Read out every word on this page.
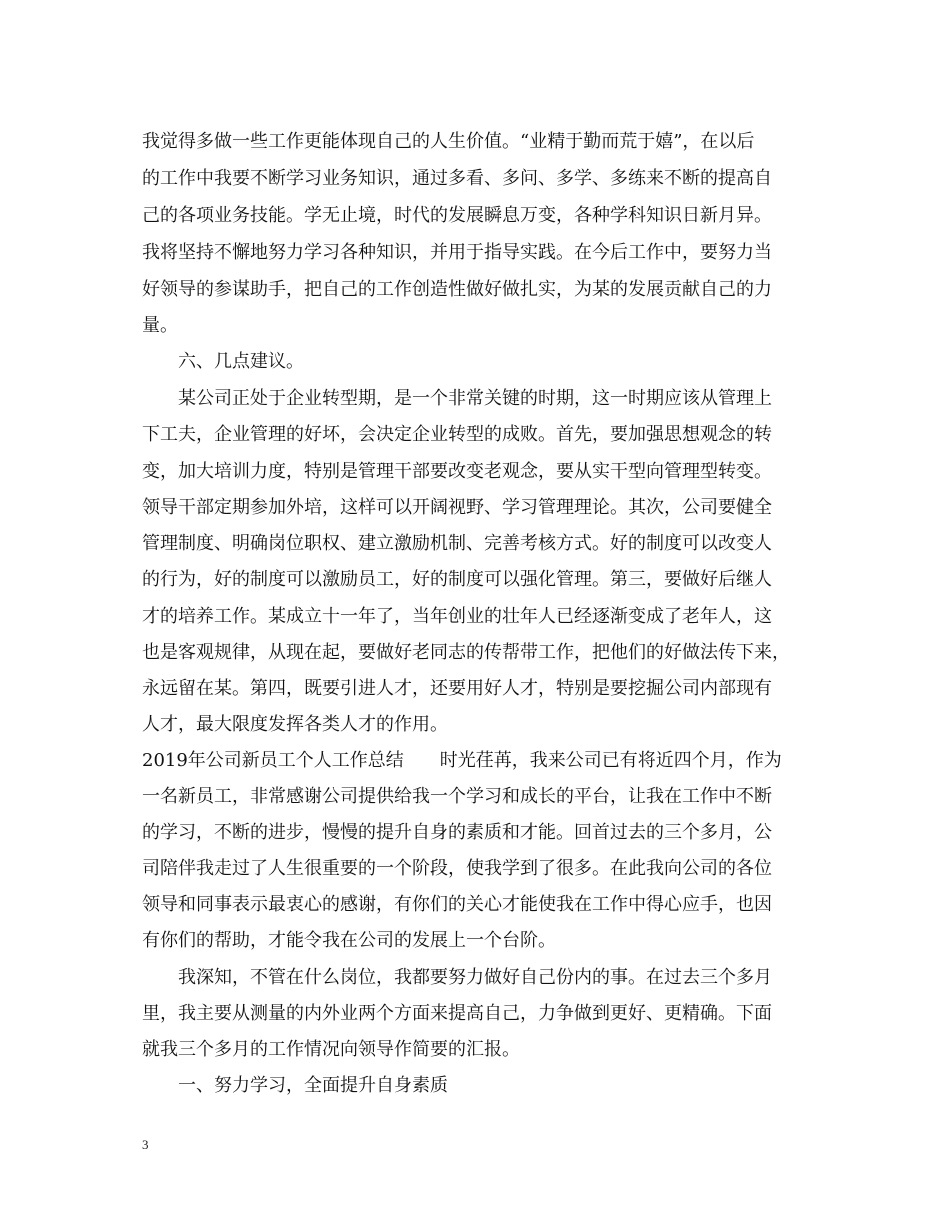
我觉得多做一些工作更能体现自己的人生价值。“业精于勤而荒于嬉”，在以后
的工作中我要不断学习业务知识，通过多看、多问、多学、多练来不断的提高自
己的各项业务技能。学无止境，时代的发展瞬息万变，各种学科知识日新月异。
我将坚持不懈地努力学习各种知识，并用于指导实践。在今后工作中，要努力当
好领导的参谋助手，把自己的工作创造性做好做扎实，为某的发展贡献自己的力
量。
六、几点建议。
某公司正处于企业转型期，是一个非常关键的时期，这一时期应该从管理上
下工夫，企业管理的好坏，会决定企业转型的成败。首先，要加强思想观念的转
变，加大培训力度，特别是管理干部要改变老观念，要从实干型向管理型转变。
领导干部定期参加外培，这样可以开阔视野、学习管理理论。其次，公司要健全
管理制度、明确岗位职权、建立激励机制、完善考核方式。好的制度可以改变人
的行为，好的制度可以激励员工，好的制度可以强化管理。第三，要做好后继人
才的培养工作。某成立十一年了，当年创业的壮年人已经逐渐变成了老年人，这
也是客观规律，从现在起，要做好老同志的传帮带工作，把他们的好做法传下来，
永远留在某。第四，既要引进人才，还要用好人才，特别是要挖掘公司内部现有
人才，最大限度发挥各类人才的作用。
2019年公司新员工个人工作总结　　时光荏苒，我来公司已有将近四个月，作为
一名新员工，非常感谢公司提供给我一个学习和成长的平台，让我在工作中不断
的学习，不断的进步，慢慢的提升自身的素质和才能。回首过去的三个多月，公
司陪伴我走过了人生很重要的一个阶段，使我学到了很多。在此我向公司的各位
领导和同事表示最衷心的感谢，有你们的关心才能使我在工作中得心应手，也因
有你们的帮助，才能令我在公司的发展上一个台阶。
我深知，不管在什么岗位，我都要努力做好自己份内的事。在过去三个多月
里，我主要从测量的内外业两个方面来提高自己，力争做到更好、更精确。下面
就我三个多月的工作情况向领导作简要的汇报。
一、努力学习，全面提升自身素质
3
